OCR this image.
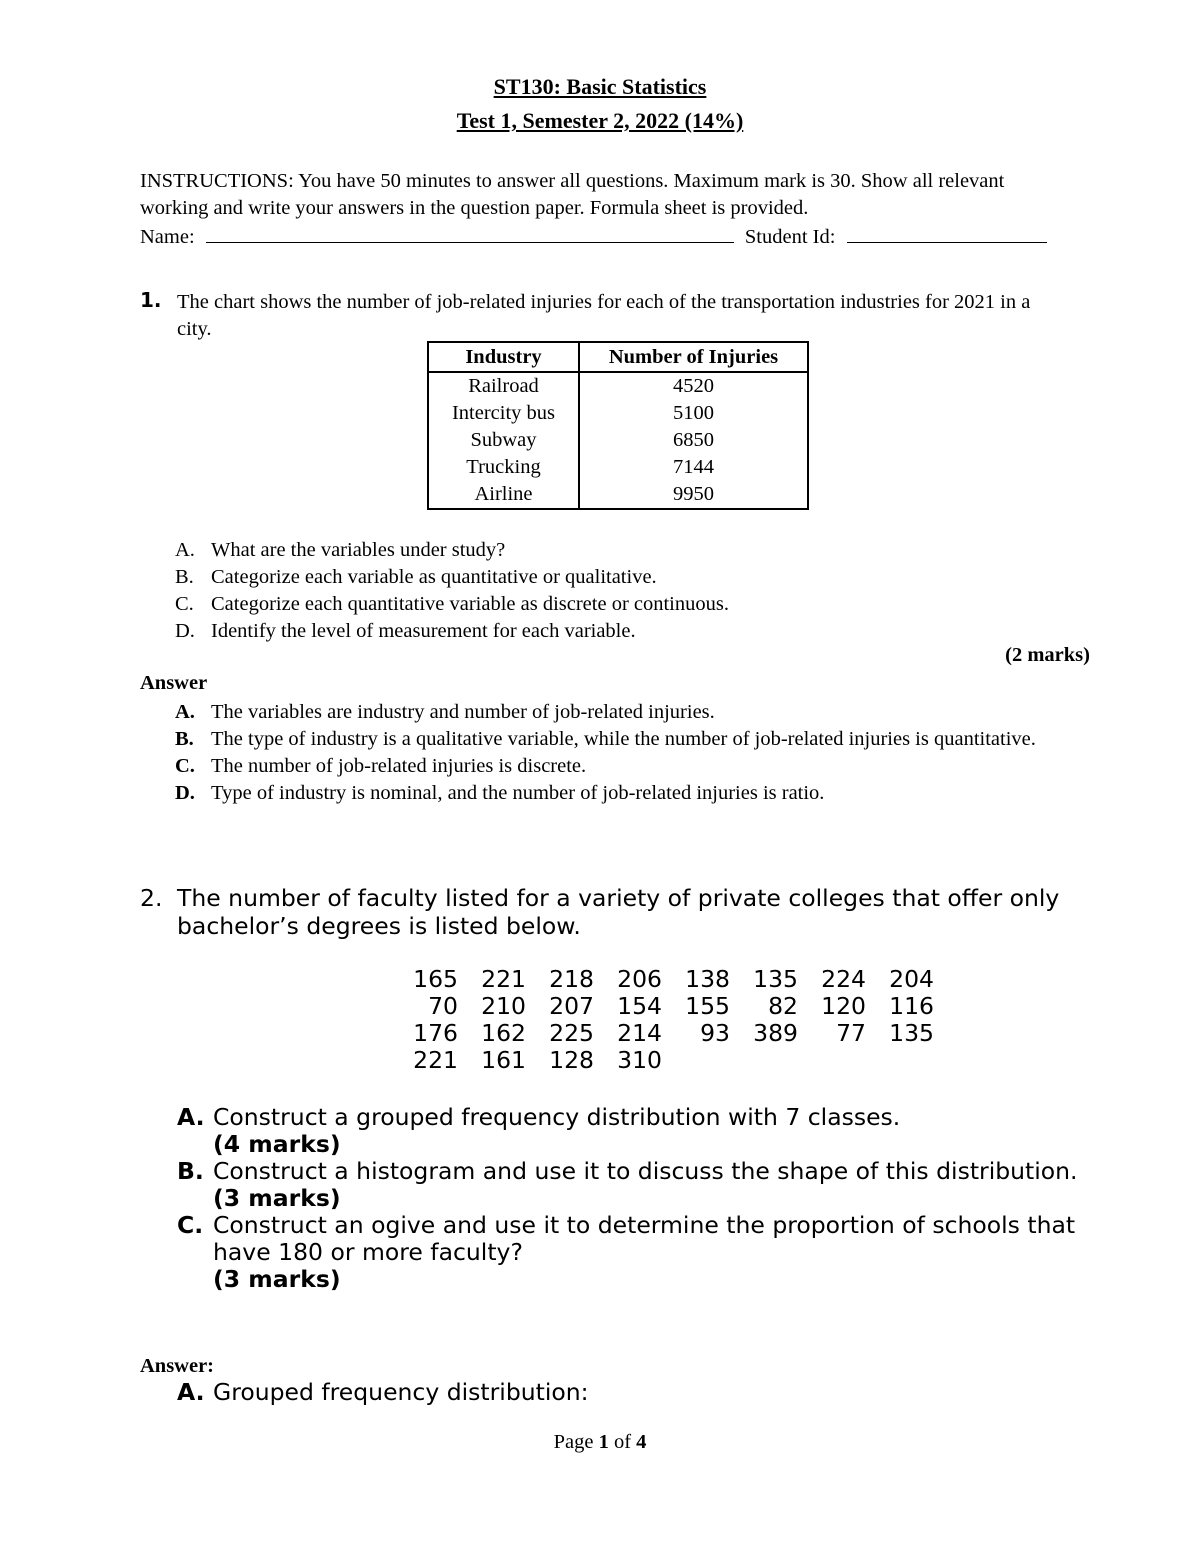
ST130: Basic Statistics
Test 1, Semester 2, 2022 (14%)
INSTRUCTIONS: You have 50 minutes to answer all questions. Maximum mark is 30. Show all relevant working and write your answers in the question paper. Formula sheet is provided.
Name:	Student Id:
1. The chart shows the number of job-related injuries for each of the transportation industries for 2021 in a city.
Industry	Number of Injuries
Railroad	4520
Intercity bus	5100
Subway	6850
Trucking	7144
Airline	9950
A. What are the variables under study?
B. Categorize each variable as quantitative or qualitative.
C. Categorize each quantitative variable as discrete or continuous.
D. Identify the level of measurement for each variable.
(2 marks)
Answer
A. The variables are industry and number of job-related injuries.
B. The type of industry is a qualitative variable, while the number of job-related injuries is quantitative.
C. The number of job-related injuries is discrete.
D. Type of industry is nominal, and the number of job-related injuries is ratio.
2. The number of faculty listed for a variety of private colleges that offer only bachelor’s degrees is listed below.
165 221 218 206 138 135 224 204
70 210 207 154 155	82 120 116
176 162 225 214	93 389	77 135
221 161 128 310
A. Construct a grouped frequency distribution with 7 classes.
(4 marks)
B. Construct a histogram and use it to discuss the shape of this distribution.
(3 marks)
C. Construct an ogive and use it to determine the proportion of schools that have 180 or more faculty?
(3 marks)
Answer:
A. Grouped frequency distribution:
Page 1 of 4
